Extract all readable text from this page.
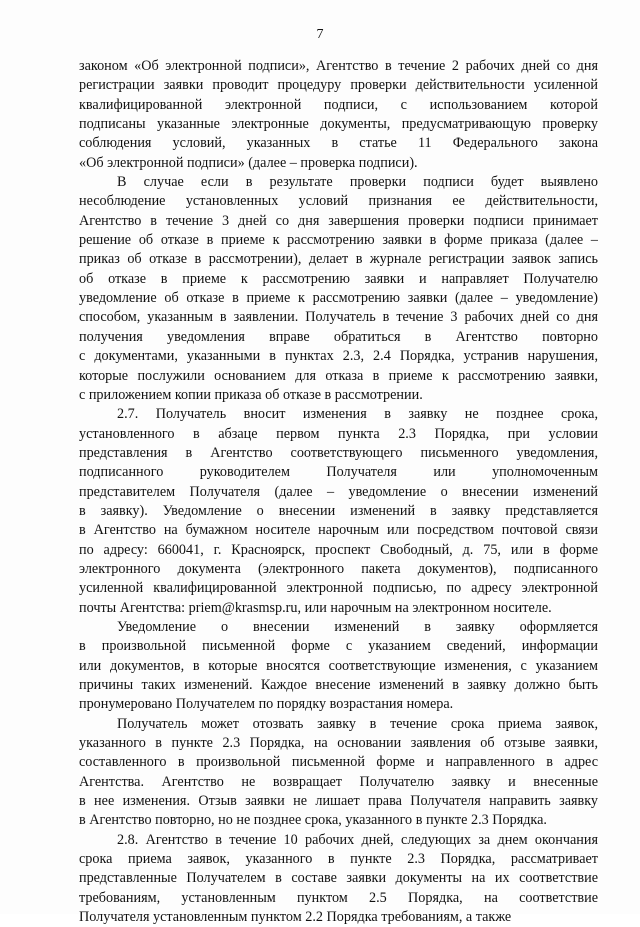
7
законом «Об электронной подписи», Агентство в течение 2 рабочих дней со дня
регистрации заявки проводит процедуру проверки действительности усиленной
квалифицированной электронной подписи, с использованием которой
подписаны указанные электронные документы, предусматривающую проверку
соблюдения условий, указанных в статье 11 Федерального закона
«Об электронной подписи» (далее – проверка подписи).
В случае если в результате проверки подписи будет выявлено
несоблюдение установленных условий признания ее действительности,
Агентство в течение 3 дней со дня завершения проверки подписи принимает
решение об отказе в приеме к рассмотрению заявки в форме приказа (далее –
приказ об отказе в рассмотрении), делает в журнале регистрации заявок запись
об отказе в приеме к рассмотрению заявки и направляет Получателю
уведомление об отказе в приеме к рассмотрению заявки (далее – уведомление)
способом, указанным в заявлении. Получатель в течение 3 рабочих дней со дня
получения уведомления вправе обратиться в Агентство повторно
с документами, указанными в пунктах 2.3, 2.4 Порядка, устранив нарушения,
которые послужили основанием для отказа в приеме к рассмотрению заявки,
с приложением копии приказа об отказе в рассмотрении.
2.7. Получатель вносит изменения в заявку не позднее срока,
установленного в абзаце первом пункта 2.3 Порядка, при условии
представления в Агентство соответствующего письменного уведомления,
подписанного руководителем Получателя или уполномоченным
представителем Получателя (далее – уведомление о внесении изменений
в заявку). Уведомление о внесении изменений в заявку представляется
в Агентство на бумажном носителе нарочным или посредством почтовой связи
по адресу: 660041, г. Красноярск, проспект Свободный, д. 75, или в форме
электронного документа (электронного пакета документов), подписанного
усиленной квалифицированной электронной подписью, по адресу электронной
почты Агентства: priem@krasmsp.ru, или нарочным на электронном носителе.
Уведомление о внесении изменений в заявку оформляется
в произвольной письменной форме с указанием сведений, информации
или документов, в которые вносятся соответствующие изменения, с указанием
причины таких изменений. Каждое внесение изменений в заявку должно быть
пронумеровано Получателем по порядку возрастания номера.
Получатель может отозвать заявку в течение срока приема заявок,
указанного в пункте 2.3 Порядка, на основании заявления об отзыве заявки,
составленного в произвольной письменной форме и направленного в адрес
Агентства. Агентство не возвращает Получателю заявку и внесенные
в нее изменения. Отзыв заявки не лишает права Получателя направить заявку
в Агентство повторно, но не позднее срока, указанного в пункте 2.3 Порядка.
2.8. Агентство в течение 10 рабочих дней, следующих за днем окончания
срока приема заявок, указанного в пункте 2.3 Порядка, рассматривает
представленные Получателем в составе заявки документы на их соответствие
требованиям, установленным пунктом 2.5 Порядка, на соответствие
Получателя установленным пунктом 2.2 Порядка требованиям, а также
